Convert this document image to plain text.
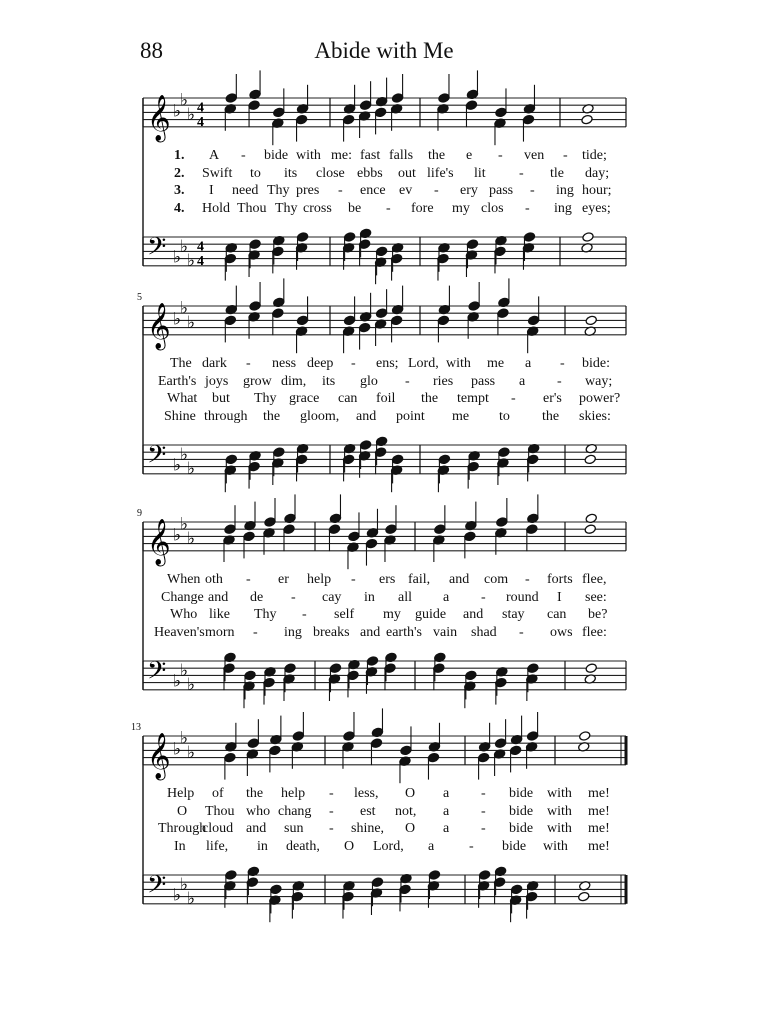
88	Abide with Me
𝄞 ♭
♭
♭ 4
4
𝄢 ♭
♭
♭
4
4
1. A - bide with me: fast falls the e - ven - tide;
2. Swift to its close ebbs out life's lit - tle day;
3. I need Thy pres - ence ev - ery pass - ing hour;
4. Hold Thou Thy cross be - fore my clos - ing eyes;
𝄞 ♭
♭
♭
𝄢 ♭
♭
♭
5
The dark - ness deep - ens; Lord, with me a - bide:
Earth's joys grow dim, its glo - ries pass a - way;
What but Thy grace can foil the tempt - er's power?
Shine through the gloom, and point me to the skies:
𝄞 ♭
♭
♭
𝄢 ♭
♭
♭
9
When oth - er help - ers fail, and com - forts flee,
Change and de - cay in all a - round I see:
Who like Thy - self my guide and stay can be?
Heaven's morn - ing breaks and earth's vain shad - ows flee:
𝄞 ♭
♭
♭
𝄢 ♭
♭
♭
13
Help of the help - less, O a - bide with me!
O Thou who chang - est not, a - bide with me!
Through
cloud and sun - shine, O a - bide with me!
In life, in death, O Lord, a - bide with me!
